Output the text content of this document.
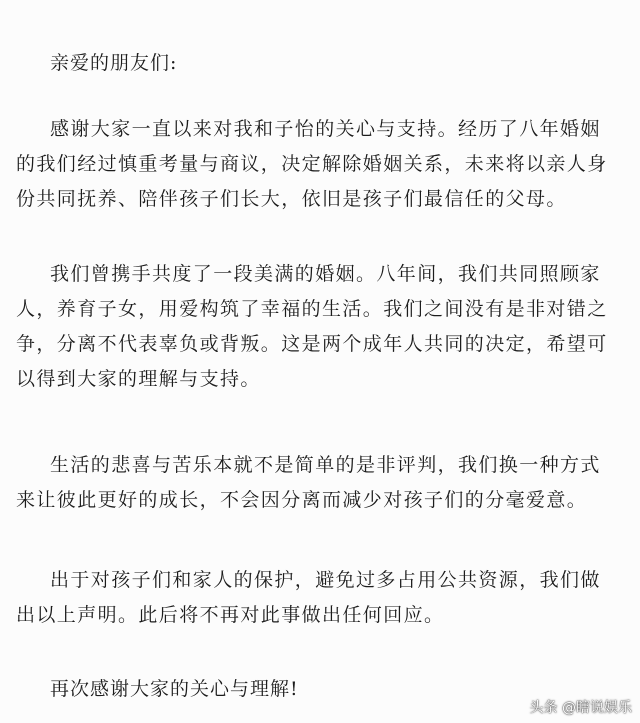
亲爱的朋友们:
感谢大家一直以来对我和子怡的关心与支持。经历了八年婚姻
的我们经过慎重考量与商议，决定解除婚姻关系，未来将以亲人身
份共同抚养、陪伴孩子们长大，依旧是孩子们最信任的父母。
我们曾携手共度了一段美满的婚姻。八年间，我们共同照顾家
人，养育子女，用爱构筑了幸福的生活。我们之间没有是非对错之
争，分离不代表辜负或背叛。这是两个成年人共同的决定，希望可
以得到大家的理解与支持。
生活的悲喜与苦乐本就不是简单的是非评判，我们换一种方式
来让彼此更好的成长，不会因分离而减少对孩子们的分毫爱意。
出于对孩子们和家人的保护，避免过多占用公共资源，我们做
出以上声明。此后将不再对此事做出任何回应。
再次感谢大家的关心与理解!
头条 @瞎说娱乐
